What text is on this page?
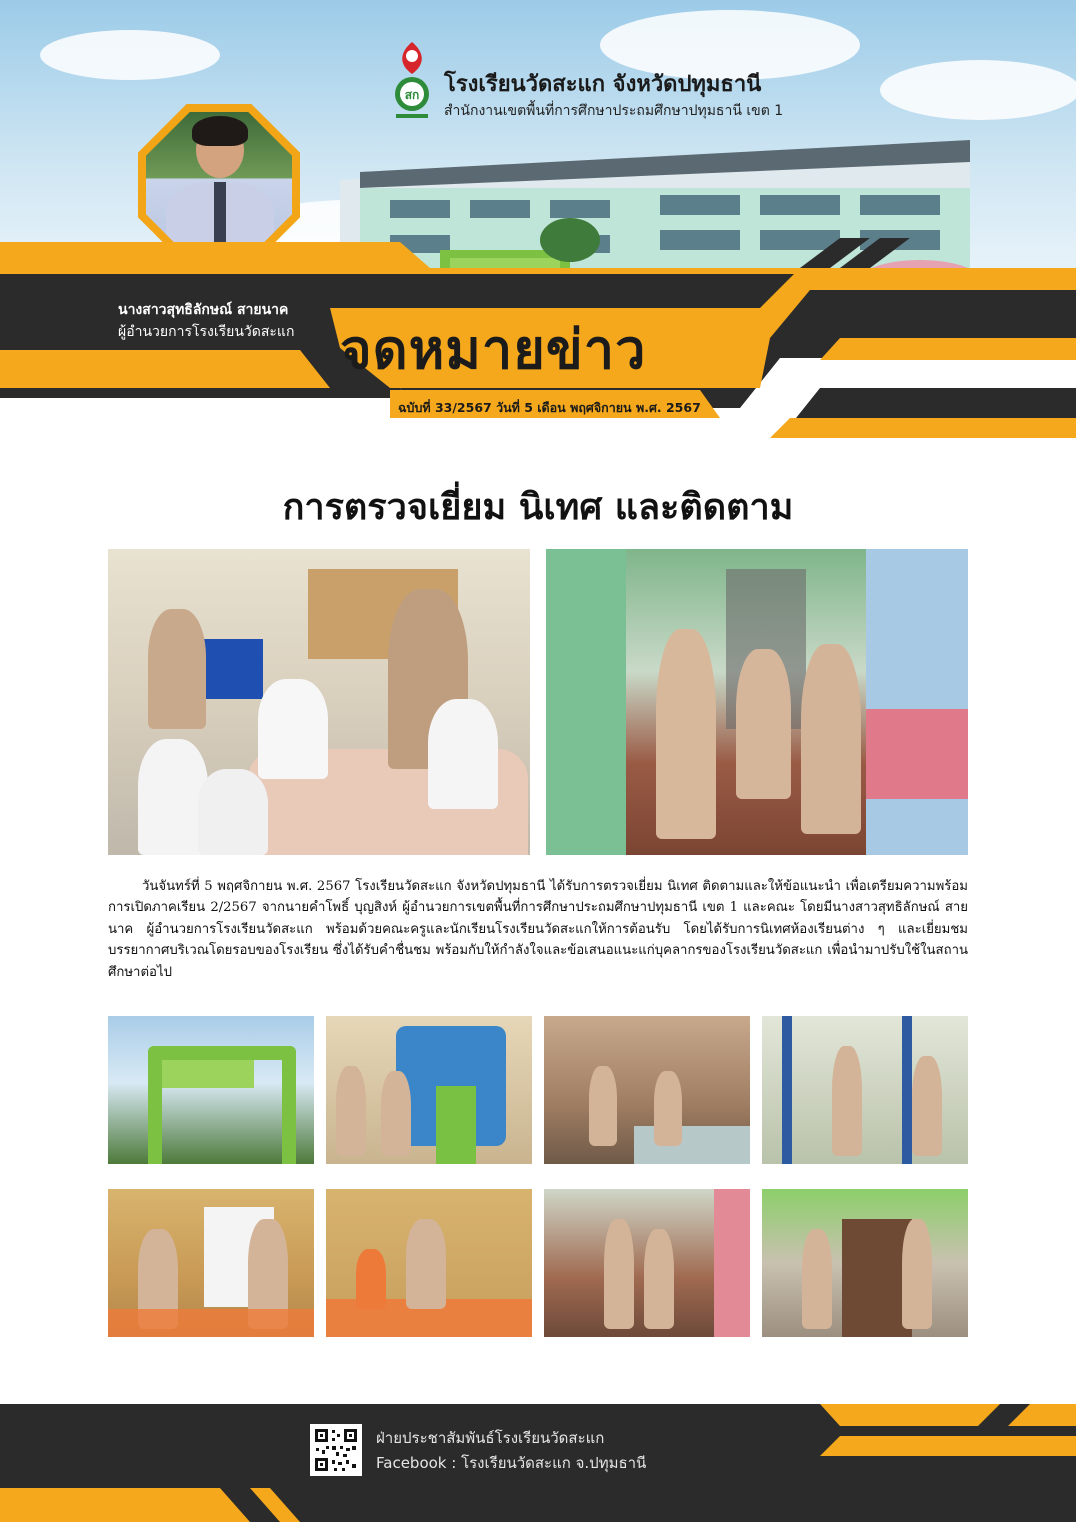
สก โรงเรียนวัดสะแก จังหวัดปทุมธานี
สำนักงานเขตพื้นที่การศึกษาประถมศึกษาปทุมธานี เขต 1
นางสาวสุทธิลักษณ์ สายนาค
ผู้อำนวยการโรงเรียนวัดสะแก จดหมายข่าว
ฉบับที่ 33/2567 วันที่ 5 เดือน พฤศจิกายน พ.ศ. 2567
การตรวจเยี่ยม นิเทศ และติดตาม
วันจันทร์ที่ 5 พฤศจิกายน พ.ศ. 2567 โรงเรียนวัดสะแก จังหวัดปทุมธานี ได้รับการตรวจเยี่ยม นิเทศ ติดตามและให้ข้อแนะนำ เพื่อเตรียมความพร้อมการเปิดภาคเรียน 2/2567 จากนายคำโพธิ์ บุญสิงห์ ผู้อำนวยการเขตพื้นที่การศึกษาประถมศึกษาปทุมธานี เขต 1 และคณะ โดยมีนางสาวสุทธิลักษณ์ สายนาค ผู้อำนวยการโรงเรียนวัดสะแก พร้อมด้วยคณะครูและนักเรียนโรงเรียนวัดสะแกให้การต้อนรับ โดยได้รับการนิเทศห้องเรียนต่าง ๆ และเยี่ยมชมบรรยากาศบริเวณโดยรอบของโรงเรียน ซึ่งได้รับคำชื่นชม พร้อมกับให้กำลังใจและข้อเสนอแนะแก่บุคลากรของโรงเรียนวัดสะแก เพื่อนำมาปรับใช้ในสถานศึกษาต่อไป
ฝ่ายประชาสัมพันธ์โรงเรียนวัดสะแก
Facebook : โรงเรียนวัดสะแก จ.ปทุมธานี
